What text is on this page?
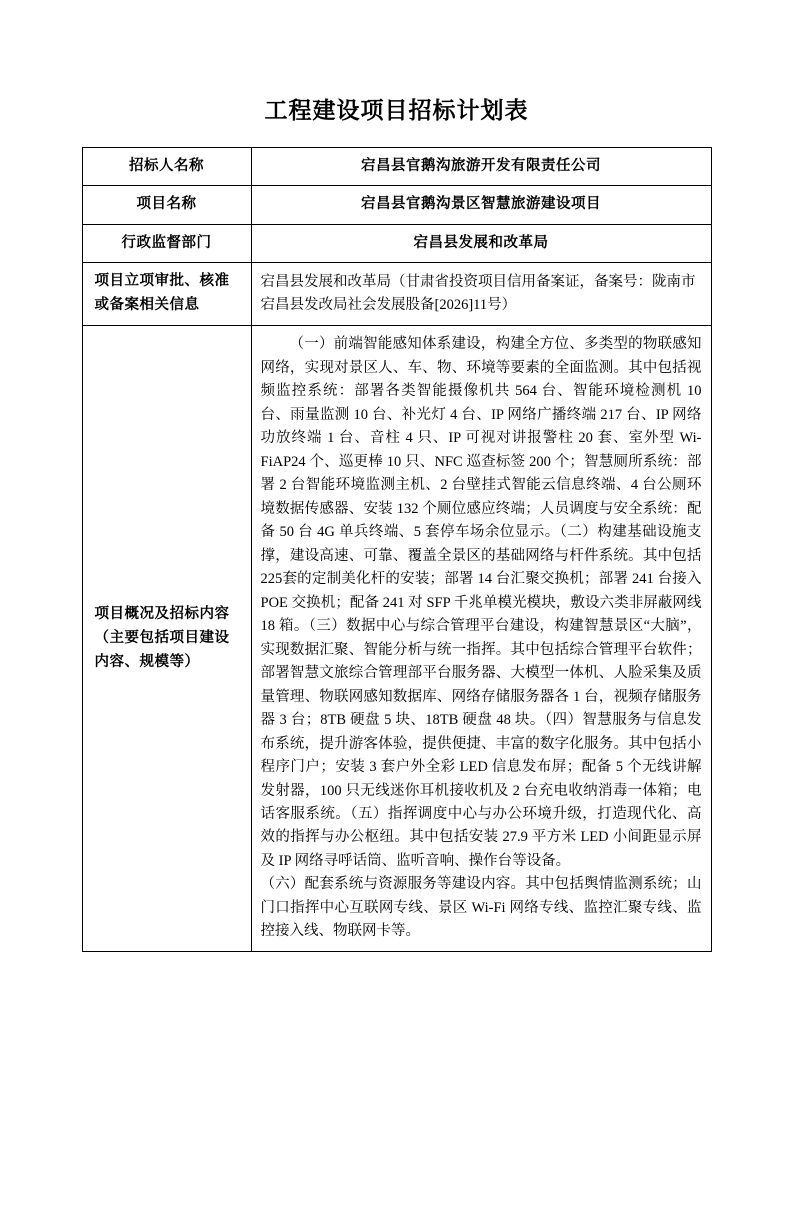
工程建设项目招标计划表
招标人名称	宕昌县官鹅沟旅游开发有限责任公司
项目名称	宕昌县官鹅沟景区智慧旅游建设项目
行政监督部门	宕昌县发展和改革局
项目立项审批、核准或备案相关信息	宕昌县发展和改革局（甘肃省投资项目信用备案证，备案号：陇南市宕昌县发改局社会发展股备[2026]11号）
项目概况及招标内容（主要包括项目建设内容、规模等）	（一）前端智能感知体系建设，构建全方位、多类型的物联感知网络，实现对景区人、车、物、环境等要素的全面监测。其中包括视频监控系统：部署各类智能摄像机共 564 台、智能环境检测机 10 台、雨量监测 10 台、补光灯 4 台、IP 网络广播终端 217 台、IP 网络功放终端 1 台、音柱 4 只、IP 可视对讲报警柱 20 套、室外型 Wi-FiAP24 个、巡更棒 10 只、NFC 巡查标签 200 个；智慧厕所系统：部署 2 台智能环境监测主机、2 台壁挂式智能云信息终端、4 台公厕环境数据传感器、安装 132 个厕位感应终端；人员调度与安全系统：配备 50 台 4G 单兵终端、5 套停车场余位显示。（二）构建基础设施支撑，建设高速、可靠、覆盖全景区的基础网络与杆件系统。其中包括225套的定制美化杆的安装；部署 14 台汇聚交换机；部署 241 台接入 POE 交换机；配备 241 对 SFP 千兆单模光模块，敷设六类非屏蔽网线 18 箱。（三）数据中心与综合管理平台建设，构建智慧景区“大脑”，实现数据汇聚、智能分析与统一指挥。其中包括综合管理平台软件；部署智慧文旅综合管理部平台服务器、大模型一体机、人脸采集及质量管理、物联网感知数据库、网络存储服务器各 1 台，视频存储服务器 3 台；8TB 硬盘 5 块、18TB 硬盘 48 块。（四）智慧服务与信息发布系统，提升游客体验，提供便捷、丰富的数字化服务。其中包括小程序门户；安装 3 套户外全彩 LED 信息发布屏；配备 5 个无线讲解发射器，100 只无线迷你耳机接收机及 2 台充电收纳消毒一体箱；电话客服系统。（五）指挥调度中心与办公环境升级，打造现代化、高效的指挥与办公枢纽。其中包括安装 27.9 平方米 LED 小间距显示屏及 IP 网络寻呼话筒、监听音响、操作台等设备。

（六）配套系统与资源服务等建设内容。其中包括舆情监测系统；山门口指挥中心互联网专线、景区 Wi-Fi 网络专线、监控汇聚专线、监控接入线、物联网卡等。
